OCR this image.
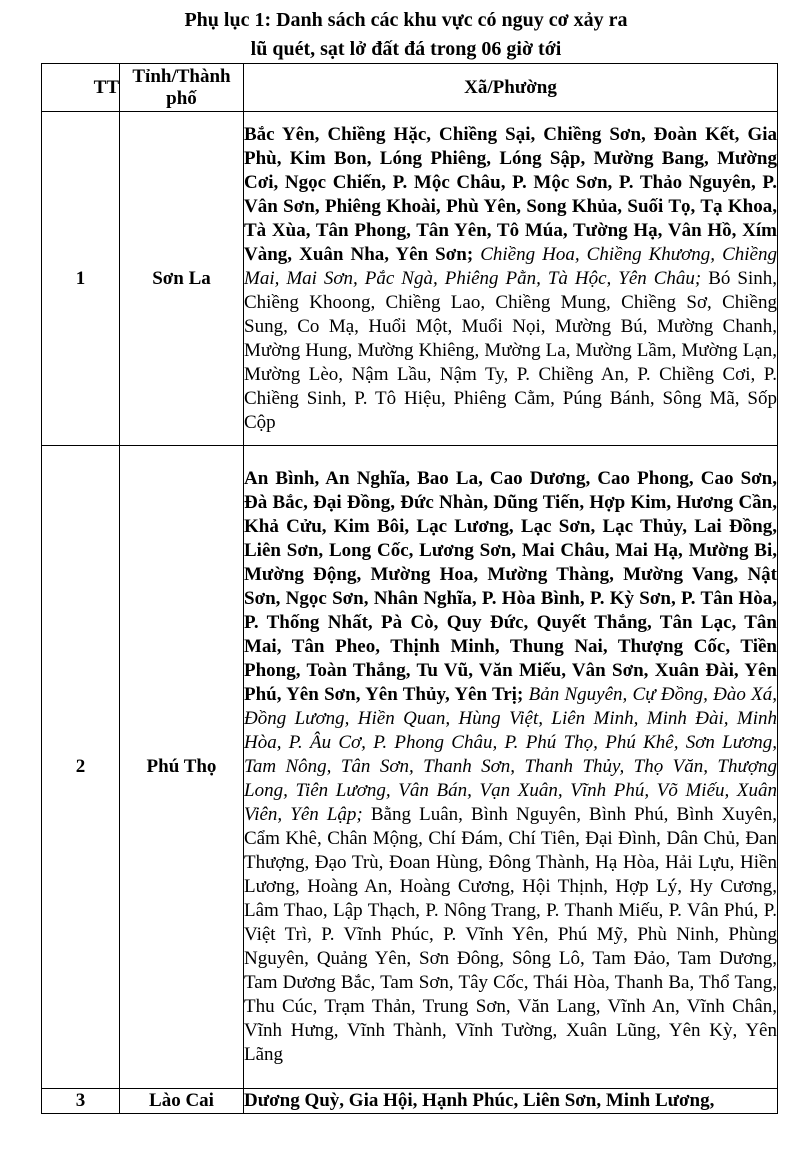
Phụ lục 1: Danh sách các khu vực có nguy cơ xảy ra
lũ quét, sạt lở đất đá trong 06 giờ tới
TT	Tỉnh/Thành phố	Xã/Phường
1	Sơn La	Bắc Yên, Chiềng Hặc, Chiềng Sại, Chiềng Sơn, Đoàn Kết, Gia Phù, Kim Bon, Lóng Phiêng, Lóng Sập, Mường Bang, Mường Cơi, Ngọc Chiến, P. Mộc Châu, P. Mộc Sơn, P. Thảo Nguyên, P. Vân Sơn, Phiêng Khoài, Phù Yên, Song Khủa, Suối Tọ, Tạ Khoa, Tà Xùa, Tân Phong, Tân Yên, Tô Múa, Tường Hạ, Vân Hồ, Xím Vàng, Xuân Nha, Yên Sơn; Chiềng Hoa, Chiềng Khương, Chiềng Mai, Mai Sơn, Pắc Ngà, Phiêng Pằn, Tà Hộc, Yên Châu; Bó Sinh, Chiềng Khoong, Chiềng Lao, Chiềng Mung, Chiềng Sơ, Chiềng Sung, Co Mạ, Huổi Một, Muổi Nọi, Mường Bú, Mường Chanh, Mường Hung, Mường Khiêng, Mường La, Mường Lầm, Mường Lạn, Mường Lèo, Nậm Lầu, Nậm Ty, P. Chiềng An, P. Chiềng Cơi, P. Chiềng Sinh, P. Tô Hiệu, Phiêng Cằm, Púng Bánh, Sông Mã, Sốp Cộp
2	Phú Thọ	An Bình, An Nghĩa, Bao La, Cao Dương, Cao Phong, Cao Sơn, Đà Bắc, Đại Đồng, Đức Nhàn, Dũng Tiến, Hợp Kim, Hương Cần, Khả Cửu, Kim Bôi, Lạc Lương, Lạc Sơn, Lạc Thủy, Lai Đồng, Liên Sơn, Long Cốc, Lương Sơn, Mai Châu, Mai Hạ, Mường Bi, Mường Động, Mường Hoa, Mường Thàng, Mường Vang, Nật Sơn, Ngọc Sơn, Nhân Nghĩa, P. Hòa Bình, P. Kỳ Sơn, P. Tân Hòa, P. Thống Nhất, Pà Cò, Quy Đức, Quyết Thắng, Tân Lạc, Tân Mai, Tân Pheo, Thịnh Minh, Thung Nai, Thượng Cốc, Tiền Phong, Toàn Thắng, Tu Vũ, Văn Miếu, Vân Sơn, Xuân Đài, Yên Phú, Yên Sơn, Yên Thủy, Yên Trị; Bản Nguyên, Cự Đồng, Đào Xá, Đồng Lương, Hiền Quan, Hùng Việt, Liên Minh, Minh Đài, Minh Hòa, P. Âu Cơ, P. Phong Châu, P. Phú Thọ, Phú Khê, Sơn Lương, Tam Nông, Tân Sơn, Thanh Sơn, Thanh Thủy, Thọ Văn, Thượng Long, Tiên Lương, Vân Bán, Vạn Xuân, Vĩnh Phú, Võ Miếu, Xuân Viên, Yên Lập; Bằng Luân, Bình Nguyên, Bình Phú, Bình Xuyên, Cẩm Khê, Chân Mộng, Chí Đám, Chí Tiên, Đại Đình, Dân Chủ, Đan Thượng, Đạo Trù, Đoan Hùng, Đông Thành, Hạ Hòa, Hải Lựu, Hiền Lương, Hoàng An, Hoàng Cương, Hội Thịnh, Hợp Lý, Hy Cương, Lâm Thao, Lập Thạch, P. Nông Trang, P. Thanh Miếu, P. Vân Phú, P. Việt Trì, P. Vĩnh Phúc, P. Vĩnh Yên, Phú Mỹ, Phù Ninh, Phùng Nguyên, Quảng Yên, Sơn Đông, Sông Lô, Tam Đảo, Tam Dương, Tam Dương Bắc, Tam Sơn, Tây Cốc, Thái Hòa, Thanh Ba, Thổ Tang, Thu Cúc, Trạm Thản, Trung Sơn, Văn Lang, Vĩnh An, Vĩnh Chân, Vĩnh Hưng, Vĩnh Thành, Vĩnh Tường, Xuân Lũng, Yên Kỳ, Yên Lãng
3	Lào Cai	Dương Quỳ, Gia Hội, Hạnh Phúc, Liên Sơn, Minh Lương,
